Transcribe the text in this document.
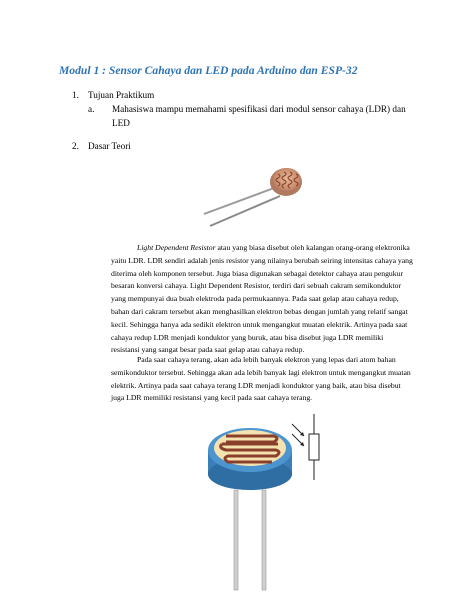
Modul 1 : Sensor Cahaya dan LED pada Arduino dan ESP-32
1. Tujuan Praktikum
a. Mahasiswa mampu memahami spesifikasi dari modul sensor cahaya (LDR) dan
LED
2. Dasar Teori
Light Dependent Resistor atau yang biasa disebut oleh kalangan orang-orang elektronika
yaitu LDR. LDR sendiri adalah jenis resistor yang nilainya berubah seiring intensitas cahaya yang
diterima oleh komponen tersebut. Juga biasa digunakan sebagai detektor cahaya atau pengukur
besaran konversi cahaya. Light Dependent Resistor, terdiri dari sebuah cakram semikonduktor
yang mempunyai dua buah elektroda pada permukaannya. Pada saat gelap atau cahaya redup,
bahan dari cakram tersebut akan menghasilkan elektron bebas dengan jumlah yang relatif sangat
kecil. Sehingga hanya ada sedikit elektron untuk mengangkut muatan elektrik. Artinya pada saat
cahaya redup LDR menjadi konduktor yang buruk, atau bisa disebut juga LDR memiliki
resistansi yang sangat besar pada saat gelap atau cahaya redup.
Pada saat cahaya terang, akan ada lebih banyak elektron yang lepas dari atom bahan
semikonduktor tersebut. Sehingga akan ada lebih banyak lagi elektron untuk mengangkut muatan
elektrik. Artinya pada saat cahaya terang LDR menjadi konduktor yang baik, atau bisa disebut
juga LDR memiliki resistansi yang kecil pada saat cahaya terang.
